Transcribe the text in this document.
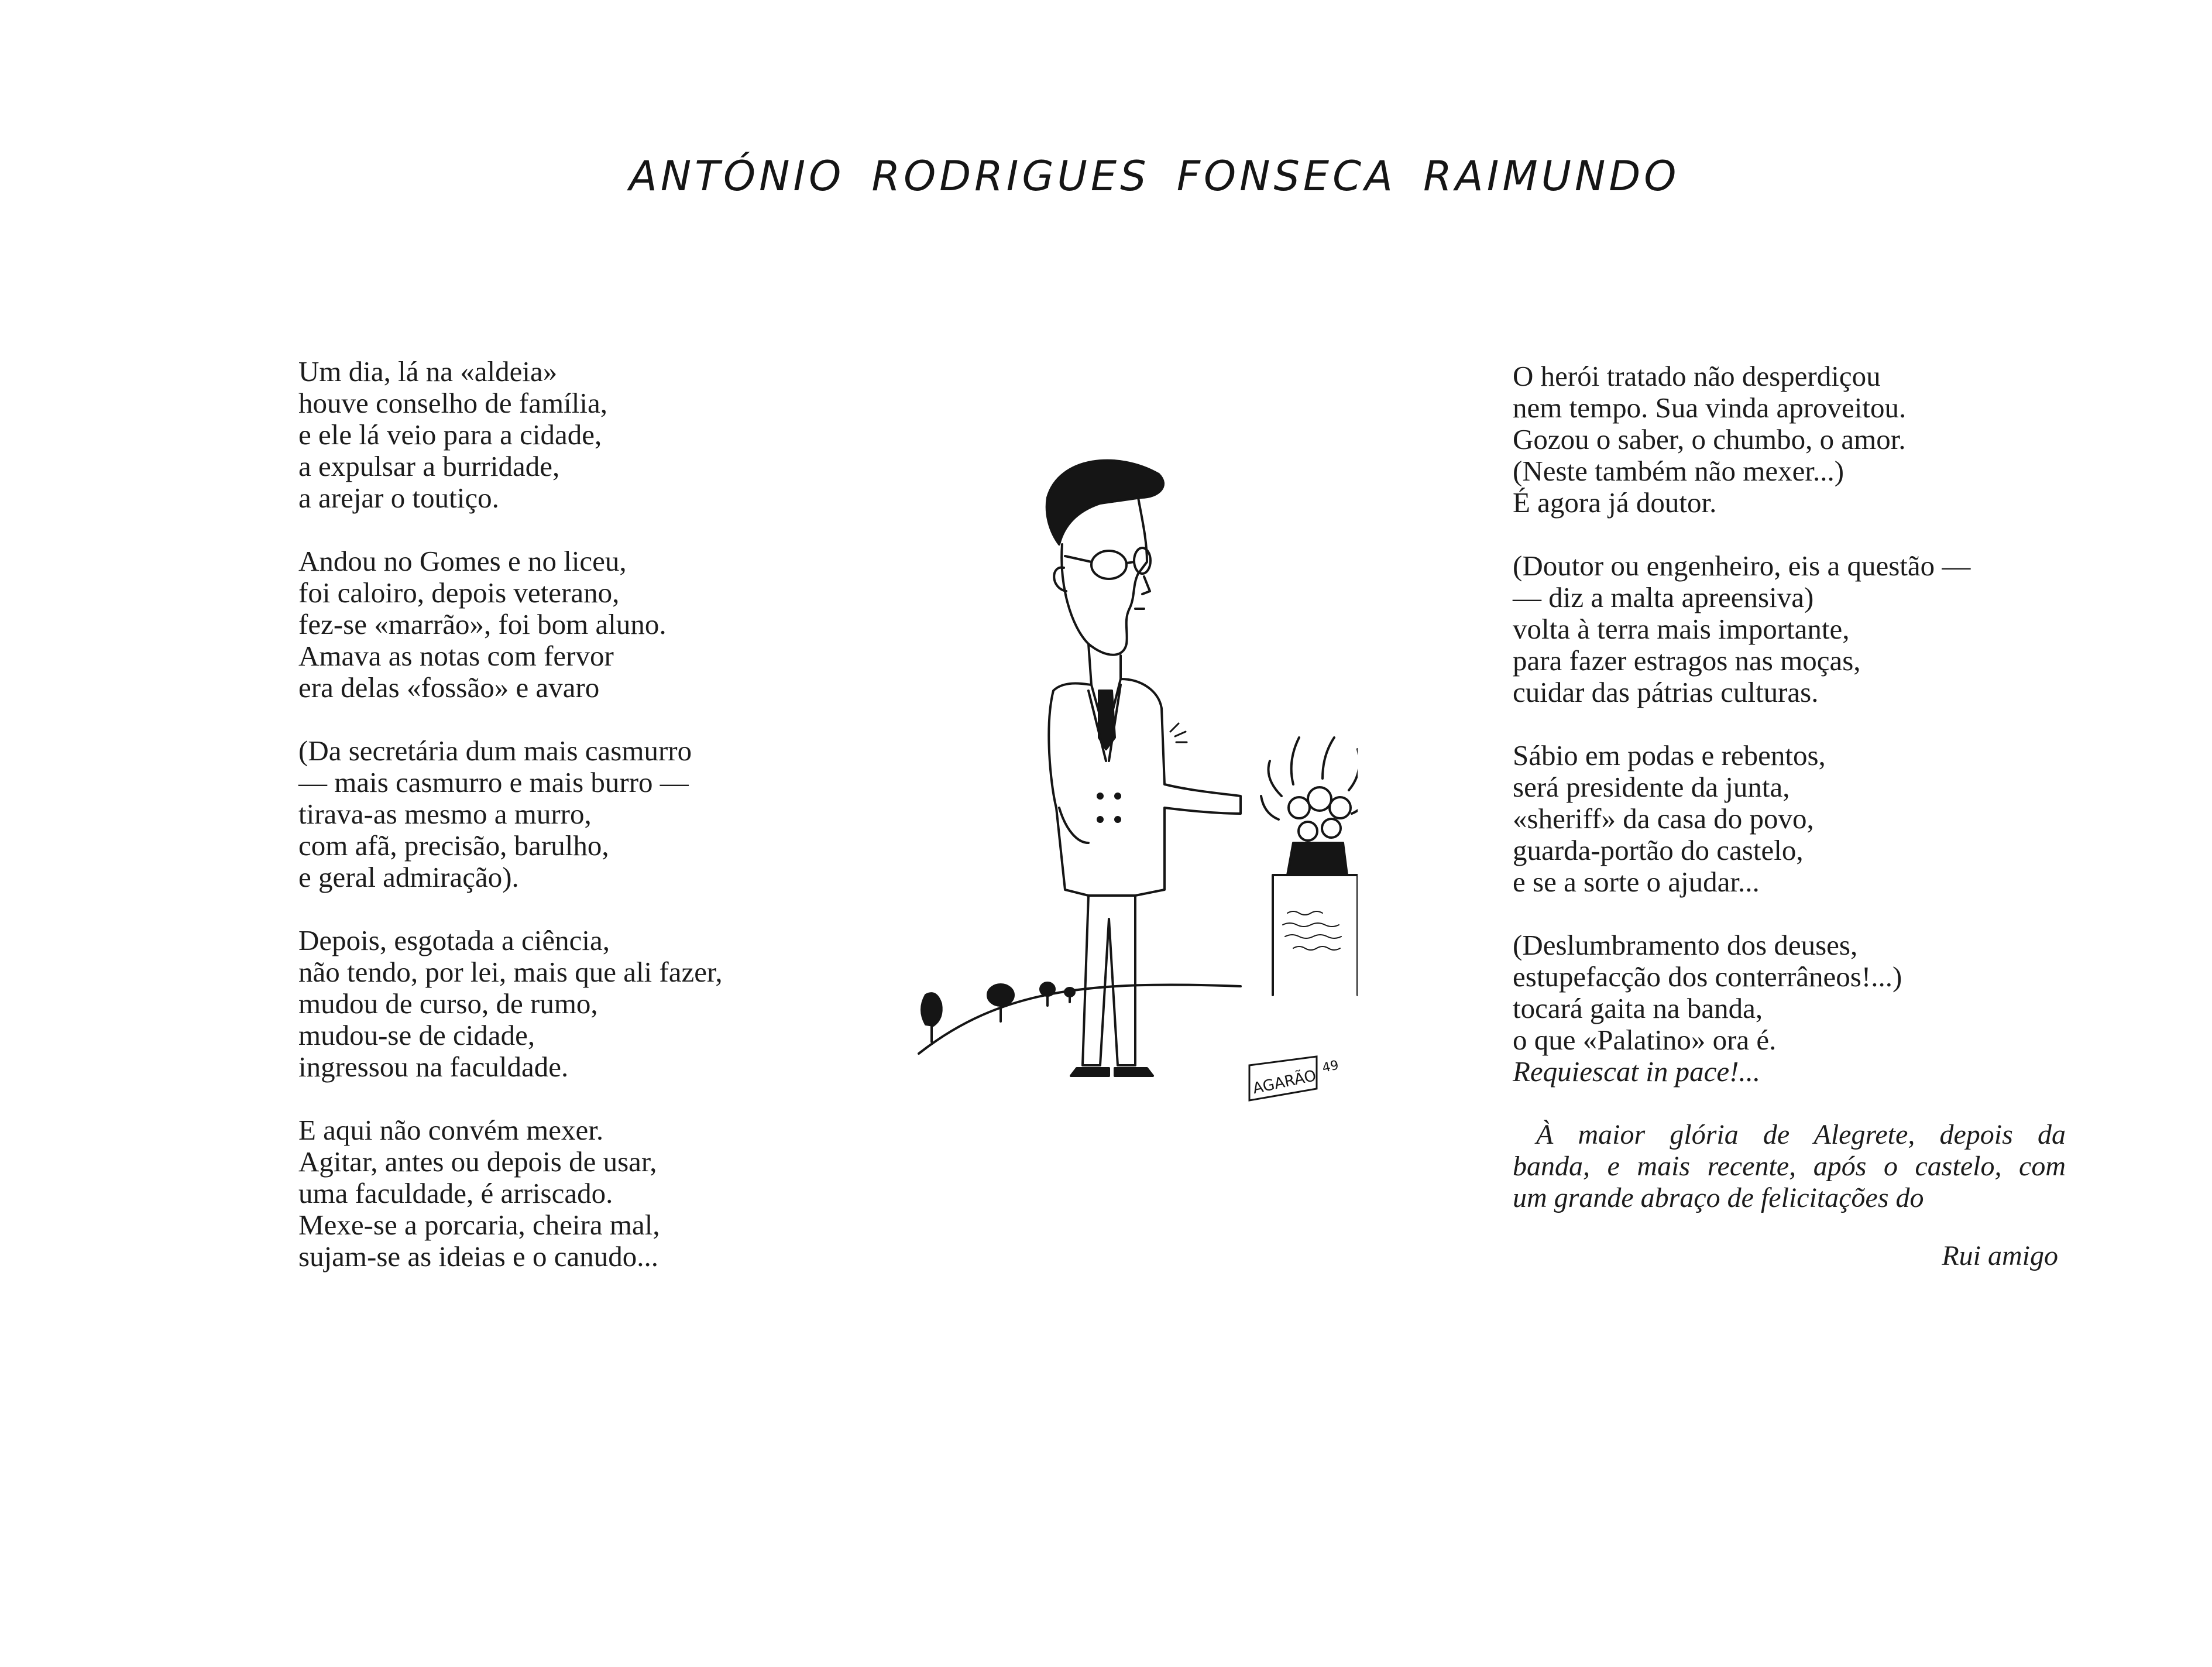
ANTÓNIO RODRIGUES FONSECA RAIMUNDO
Um dia, lá na «aldeia»
houve conselho de família,
e ele lá veio para a cidade,
a expulsar a burridade,
a arejar o toutiço.
Andou no Gomes e no liceu,
foi caloiro, depois veterano,
fez-se «marrão», foi bom aluno.
Amava as notas com fervor
era delas «fossão» e avaro
(Da secretária dum mais casmurro
— mais casmurro e mais burro —
tirava-as mesmo a murro,
com afã, precisão, barulho,
e geral admiração).
Depois, esgotada a ciência,
não tendo, por lei, mais que ali fazer,
mudou de curso, de rumo,
mudou-se de cidade,
ingressou na faculdade.
E aqui não convém mexer.
Agitar, antes ou depois de usar,
uma faculdade, é arriscado.
Mexe-se a porcaria, cheira mal,
sujam-se as ideias e o canudo...
O herói tratado não desperdiçou
nem tempo. Sua vinda aproveitou.
Gozou o saber, o chumbo, o amor.
(Neste também não mexer...)
É agora já doutor.
(Doutor ou engenheiro, eis a questão —
— diz a malta apreensiva)
volta à terra mais importante,
para fazer estragos nas moças,
cuidar das pátrias culturas.
Sábio em podas e rebentos,
será presidente da junta,
«sheriff» da casa do povo,
guarda-portão do castelo,
e se a sorte o ajudar...
(Deslumbramento dos deuses,
estupefacção dos conterrâneos!...)
tocará gaita na banda,
o que «Palatino» ora é.
Requiescat in pace!...
À maior glória de Alegrete, depois da
banda, e mais recente, após o castelo, com
um grande abraço de felicitações do
Rui amigo
AGARÃO
49
